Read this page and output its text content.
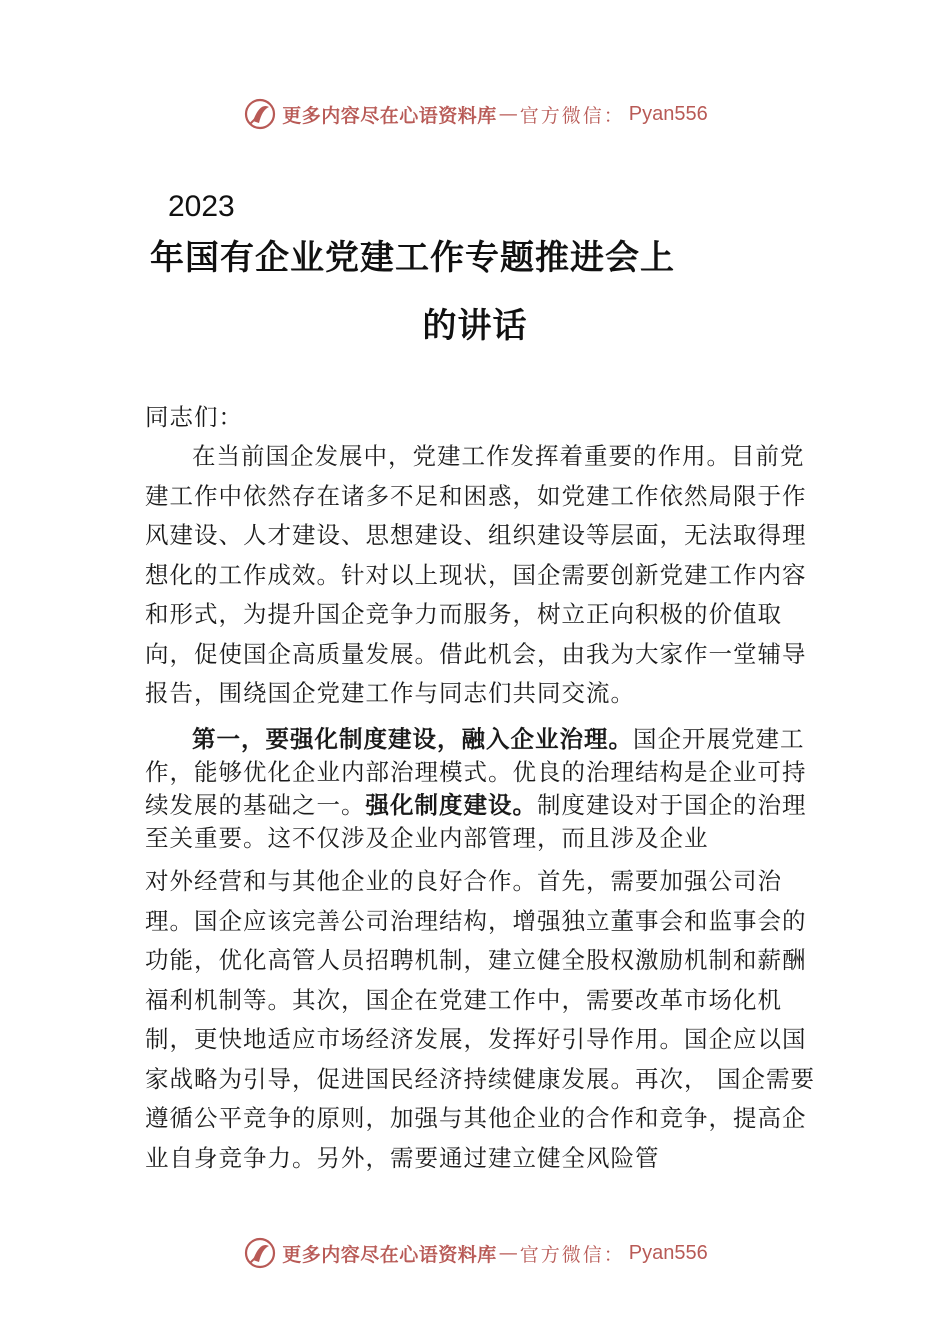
更多内容尽在心语资料库 — 官方微信： Pyan556
2023
年国有企业党建工作专题推进会上
的讲话
同志们：

在当前国企发展中，党建工作发挥着重要的作用。目前党建工作中依然存在诸多不足和困惑，如党建工作依然局限于作风建设、人才建设、思想建设、组织建设等层面，无法取得理想化的工作成效。针对以上现状，国企需要创新党建工作内容和形式，为提升国企竞争力而服务，树立正向积极的价值取向，促使国企高质量发展。借此机会，由我为大家作一堂辅导报告，围绕国企党建工作与同志们共同交流。

第一，要强化制度建设，融入企业治理。国企开展党建工作，能够优化企业内部治理模式。优良的治理结构是企业可持续发展的基础之一。强化制度建设。制度建设对于国企的治理至关重要。这不仅涉及企业内部管理，而且涉及企业

对外经营和与其他企业的良好合作。首先，需要加强公司治理。国企应该完善公司治理结构，增强独立董事会和监事会的功能，优化高管人员招聘机制，建立健全股权激励机制和薪酬福利机制等。其次，国企在党建工作中，需要改革市场化机制，更快地适应市场经济发展，发挥好引导作用。国企应以国家战略为引导，促进国民经济持续健康发展。再次， 国企需要遵循公平竞争的原则，加强与其他企业的合作和竞争，提高企业自身竞争力。另外，需要通过建立健全风险管

更多内容尽在心语资料库 — 官方微信： Pyan556
